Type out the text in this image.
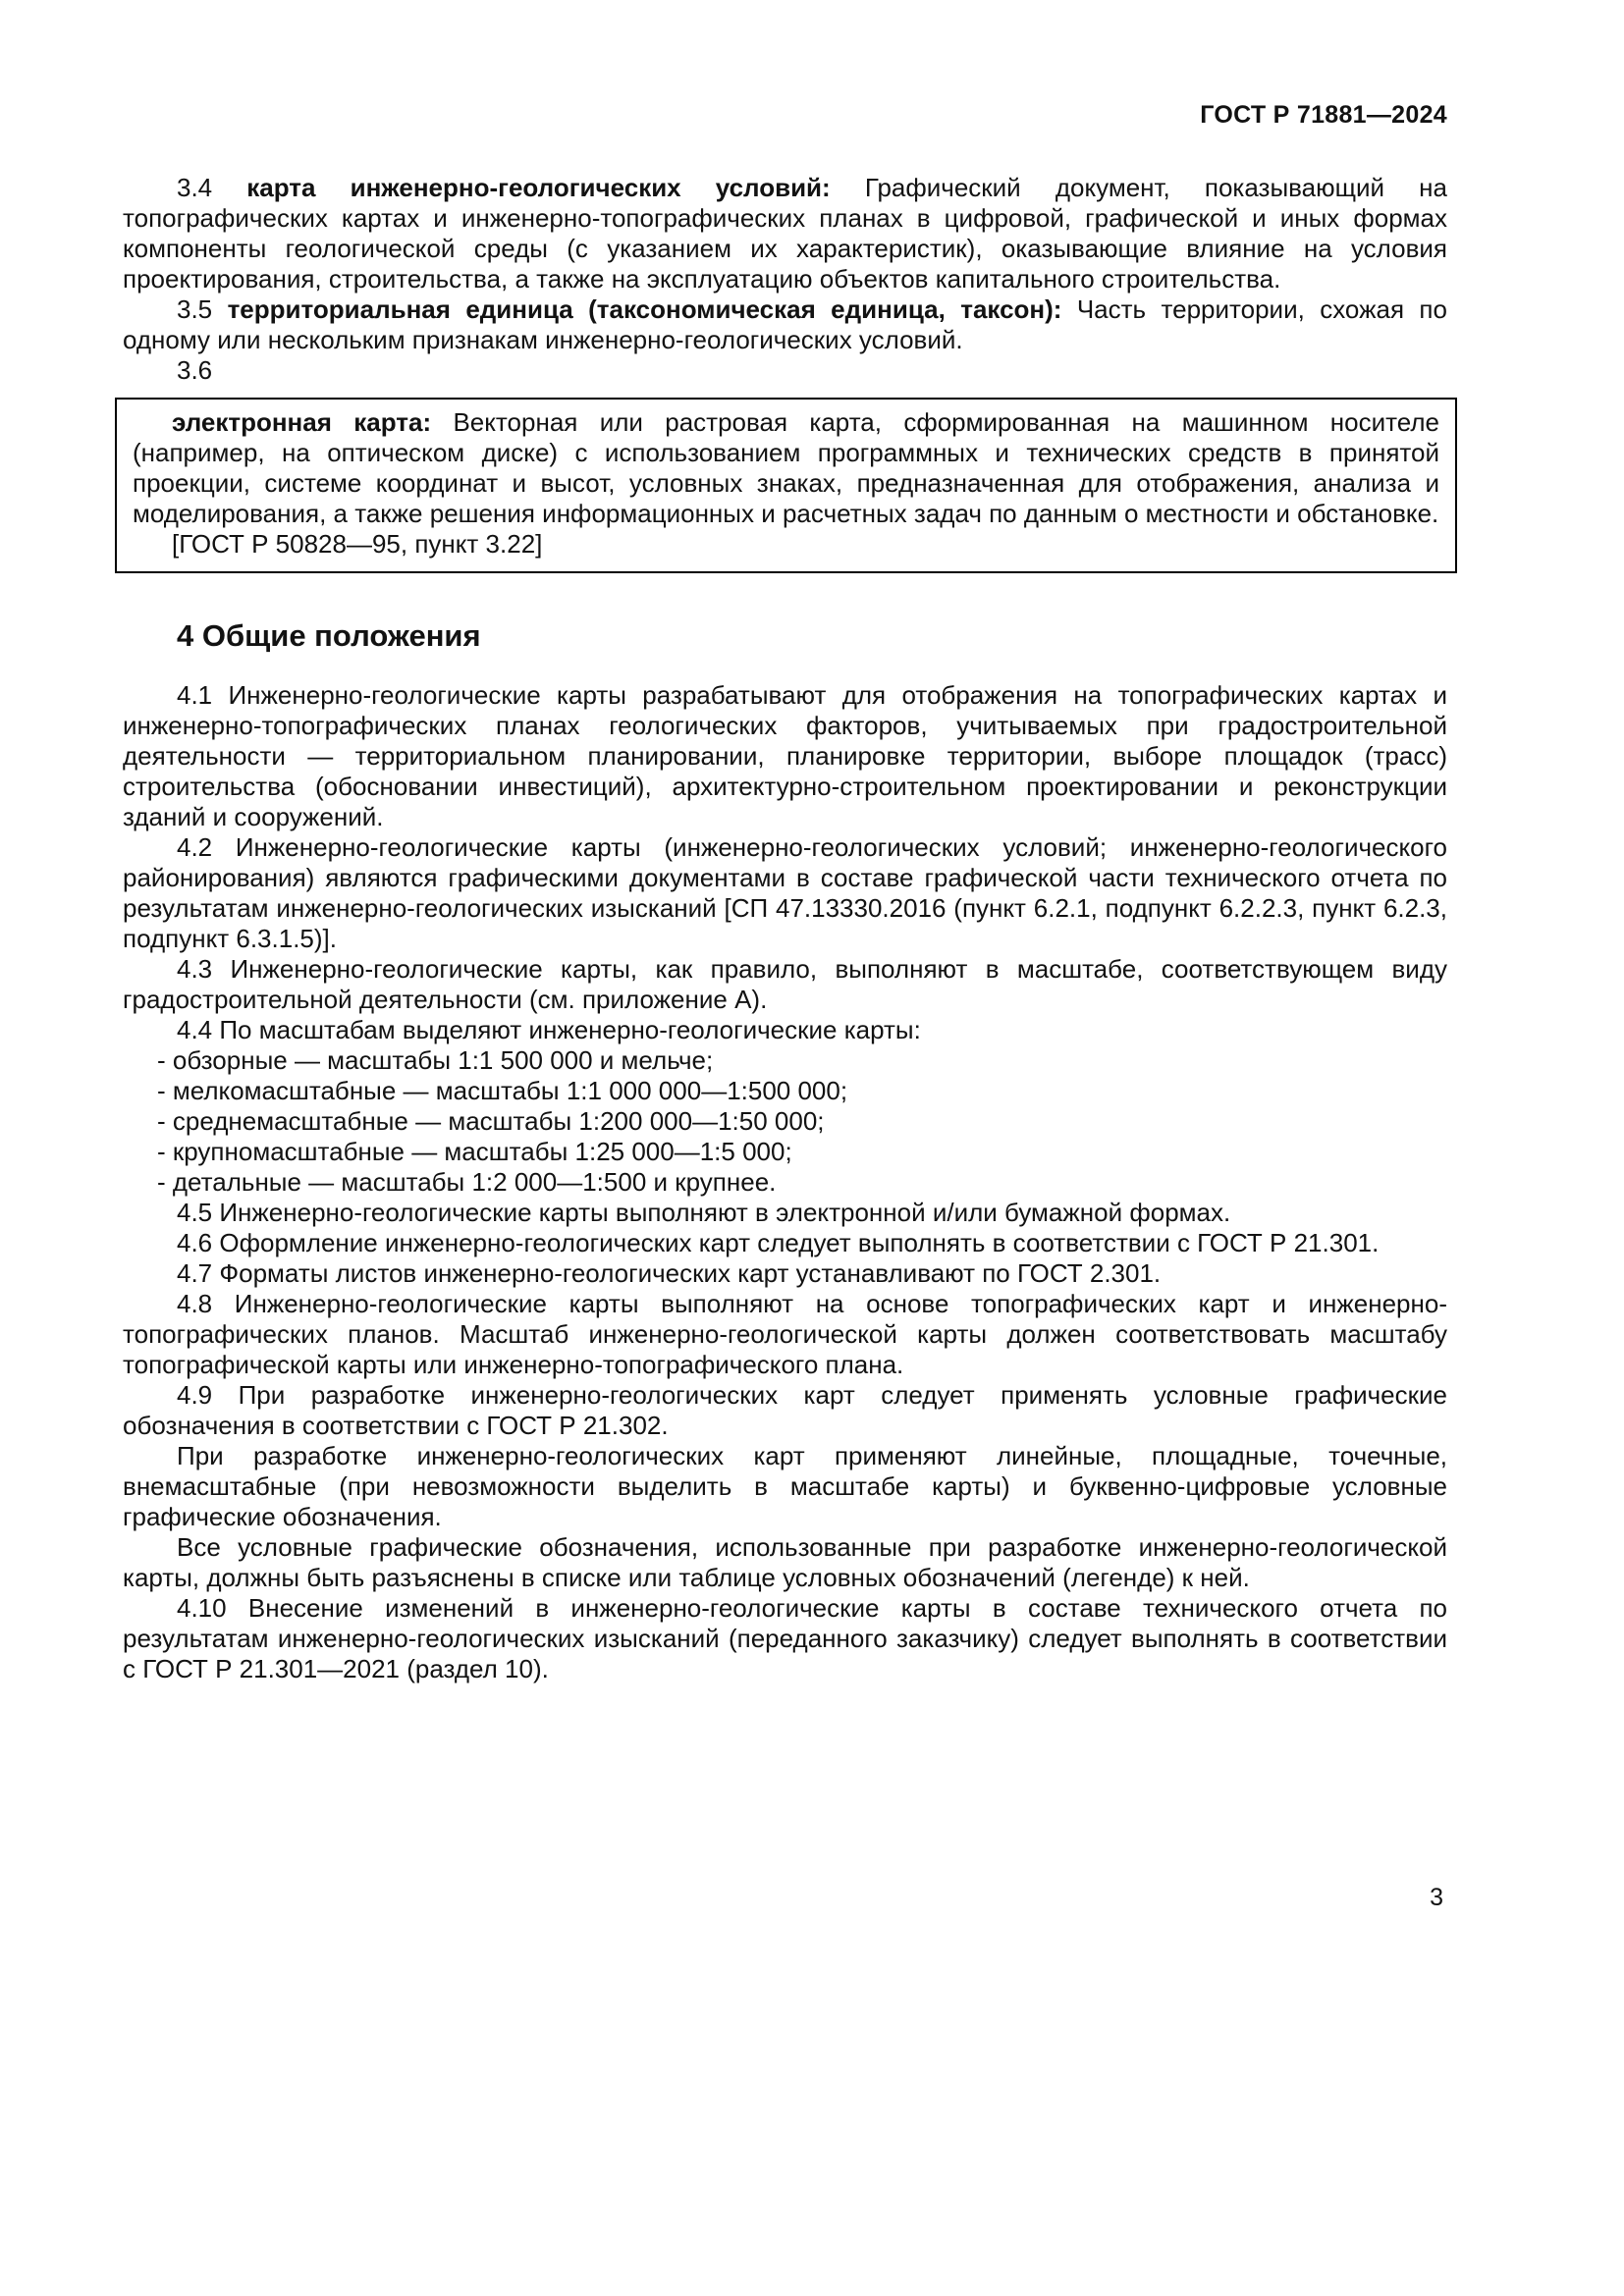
ГОСТ Р 71881—2024

3.4 карта инженерно-геологических условий: Графический документ, показывающий на топографических картах и инженерно-топографических планах в цифровой, графической и иных формах компоненты геологической среды (с указанием их характеристик), оказывающие влияние на условия проектирования, строительства, а также на эксплуатацию объектов капитального строительства.

3.5 территориальная единица (таксономическая единица, таксон): Часть территории, схожая по одному или нескольким признакам инженерно-геологических условий.

3.6

электронная карта: Векторная или растровая карта, сформированная на машинном носителе (например, на оптическом диске) с использованием программных и технических средств в принятой проекции, системе координат и высот, условных знаках, предназначенная для отображения, анализа и моделирования, а также решения информационных и расчетных задач по данным о местности и обстановке.

[ГОСТ Р 50828—95, пункт 3.22]

4 Общие положения

4.1 Инженерно-геологические карты разрабатывают для отображения на топографических картах и инженерно-топографических планах геологических факторов, учитываемых при градостроительной деятельности — территориальном планировании, планировке территории, выборе площадок (трасс) строительства (обосновании инвестиций), архитектурно-строительном проектировании и реконструкции зданий и сооружений.

4.2 Инженерно-геологические карты (инженерно-геологических условий; инженерно-геологического районирования) являются графическими документами в составе графической части технического отчета по результатам инженерно-геологических изысканий [СП 47.13330.2016 (пункт 6.2.1, подпункт 6.2.2.3, пункт 6.2.3, подпункт 6.3.1.5)].

4.3 Инженерно-геологические карты, как правило, выполняют в масштабе, соответствующем виду градостроительной деятельности (см. приложение А).

4.4 По масштабам выделяют инженерно-геологические карты:

- обзорные — масштабы 1:1 500 000 и мельче;

- мелкомасштабные — масштабы 1:1 000 000—1:500 000;

- среднемасштабные — масштабы 1:200 000—1:50 000;

- крупномасштабные — масштабы 1:25 000—1:5 000;

- детальные — масштабы 1:2 000—1:500 и крупнее.

4.5 Инженерно-геологические карты выполняют в электронной и/или бумажной формах.

4.6 Оформление инженерно-геологических карт следует выполнять в соответствии с ГОСТ Р 21.301.

4.7 Форматы листов инженерно-геологических карт устанавливают по ГОСТ 2.301.

4.8 Инженерно-геологические карты выполняют на основе топографических карт и инженерно-топографических планов. Масштаб инженерно-геологической карты должен соответствовать масштабу топографической карты или инженерно-топографического плана.

4.9 При разработке инженерно-геологических карт следует применять условные графические обозначения в соответствии с ГОСТ Р 21.302.

При разработке инженерно-геологических карт применяют линейные, площадные, точечные, внемасштабные (при невозможности выделить в масштабе карты) и буквенно-цифровые условные графические обозначения.

Все условные графические обозначения, использованные при разработке инженерно-геологической карты, должны быть разъяснены в списке или таблице условных обозначений (легенде) к ней.

4.10 Внесение изменений в инженерно-геологические карты в составе технического отчета по результатам инженерно-геологических изысканий (переданного заказчику) следует выполнять в соответствии с ГОСТ Р 21.301—2021 (раздел 10).

3
